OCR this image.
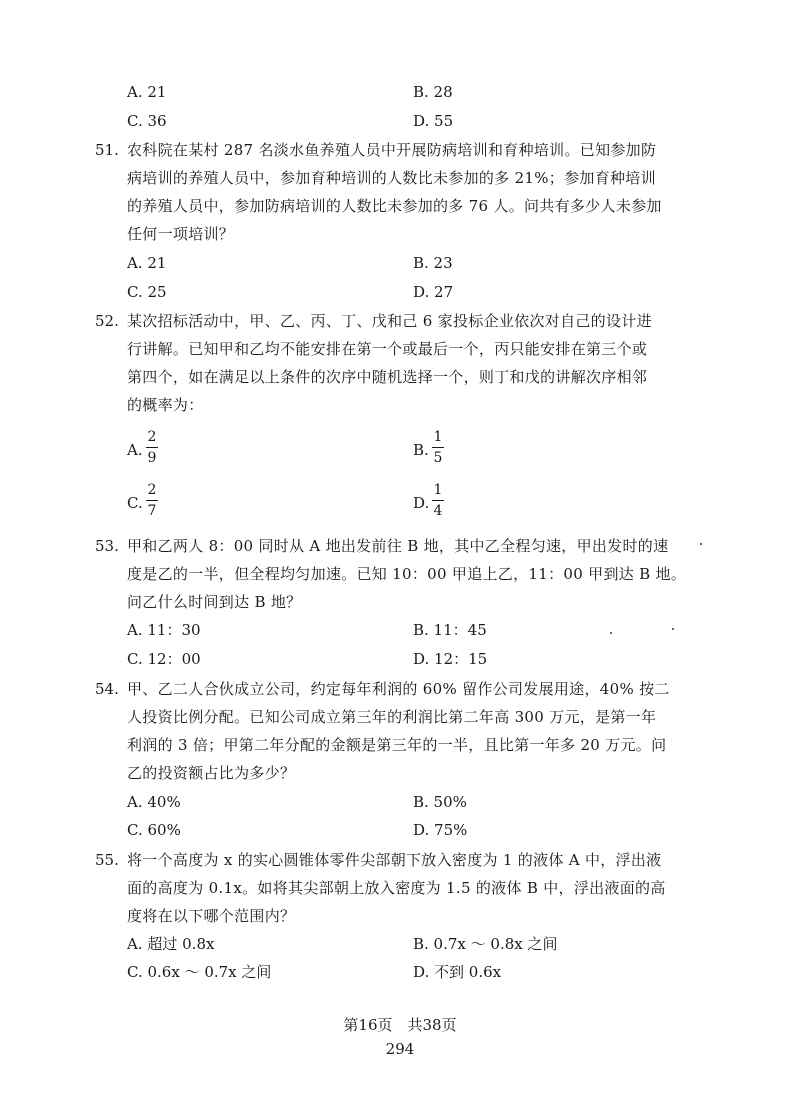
A. 21	B. 28
C. 36	D. 55
51. 农科院在某村 287 名淡水鱼养殖人员中开展防病培训和育种培训。已知参加防
病培训的养殖人员中，参加育种培训的人数比未参加的多 21%；参加育种培训
的养殖人员中，参加防病培训的人数比未参加的多 76 人。问共有多少人未参加
任何一项培训？
A. 21	B. 23
C. 25	D. 27
52. 某次招标活动中，甲、乙、丙、丁、戊和己 6 家投标企业依次对自己的设计进
行讲解。已知甲和乙均不能安排在第一个或最后一个，丙只能安排在第三个或
第四个，如在满足以上条件的次序中随机选择一个，则丁和戊的讲解次序相邻
的概率为：
A.
2
9	B.
1
5
C.
2
7	D.
1
4
53. 甲和乙两人 8：00 同时从 A 地出发前往 B 地，其中乙全程匀速，甲出发时的速
度是乙的一半，但全程均匀加速。已知 10：00 甲追上乙，11：00 甲到达 B 地。
问乙什么时间到达 B 地？
A. 11：30	B. 11：45
C. 12：00	D. 12：15
54. 甲、乙二人合伙成立公司，约定每年利润的 60% 留作公司发展用途，40% 按二
人投资比例分配。已知公司成立第三年的利润比第二年高 300 万元，是第一年
利润的 3 倍；甲第二年分配的金额是第三年的一半，且比第一年多 20 万元。问
乙的投资额占比为多少？
A. 40%	B. 50%
C. 60%	D. 75%
55. 将一个高度为 x 的实心圆锥体零件尖部朝下放入密度为 1 的液体 A 中，浮出液
面的高度为 0.1x。如将其尖部朝上放入密度为 1.5 的液体 B 中，浮出液面的高
度将在以下哪个范围内？
A. 超过 0.8x	B. 0.7x ～ 0.8x 之间
C. 0.6x ～ 0.7x 之间	D. 不到 0.6x
第16页　共38页
294
